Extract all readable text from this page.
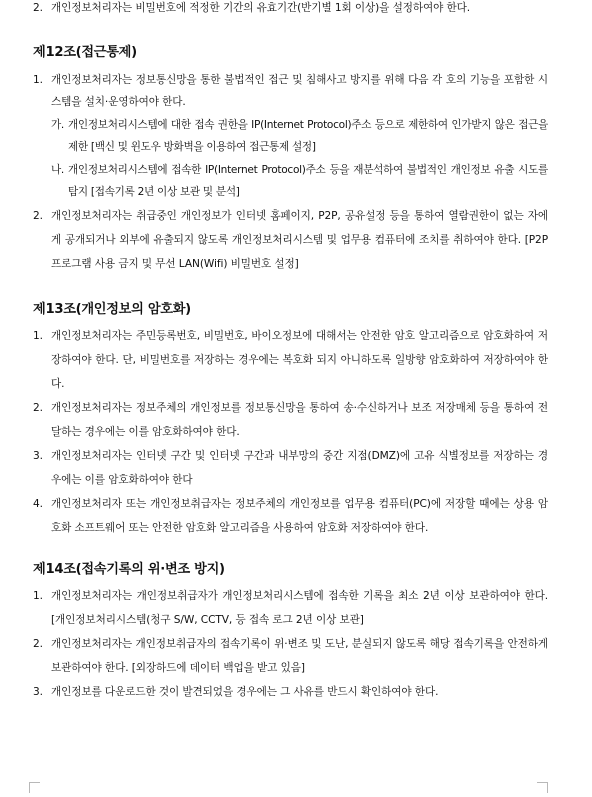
2. 개인정보처리자는 비밀번호에 적정한 기간의 유효기간(반기별 1회 이상)을 설정하여야 한다.
제12조(접근통제)
1. 개인정보처리자는 정보통신망을 통한 불법적인 접근 및 침해사고 방지를 위해 다음 각 호의 기능을 포함한 시스템을 설치·운영하여야 한다.
가. 개인정보처리시스템에 대한 접속 권한을 IP(Internet Protocol)주소 등으로 제한하여 인가받지 않은 접근을 제한 [백신 및 윈도우 방화벽을 이용하여 접근통제 설정]
나. 개인정보처리시스템에 접속한 IP(Internet Protocol)주소 등을 재분석하여 불법적인 개인정보 유출 시도를 탐지 [접속기록 2년 이상 보관 및 분석]
2. 개인정보처리자는 취급중인 개인정보가 인터넷 홈페이지, P2P, 공유설정 등을 통하여 열람권한이 없는 자에게 공개되거나 외부에 유출되지 않도록 개인정보처리시스템 및 업무용 컴퓨터에 조치를 취하여야 한다. [P2P 프로그램 사용 금지 및 무선 LAN(Wifi) 비밀번호 설정]
제13조(개인정보의 암호화)
1. 개인정보처리자는 주민등록번호, 비밀번호, 바이오정보에 대해서는 안전한 암호 알고리즘으로 암호화하여 저장하여야 한다. 단, 비밀번호를 저장하는 경우에는 복호화 되지 아니하도록 일방향 암호화하여 저장하여야 한다.
2. 개인정보처리자는 정보주체의 개인정보를 정보통신망을 통하여 송·수신하거나 보조 저장매체 등을 통하여 전달하는 경우에는 이를 암호화하여야 한다.
3. 개인정보처리자는 인터넷 구간 및 인터넷 구간과 내부망의 중간 지점(DMZ)에 고유 식별정보를 저장하는 경우에는 이를 암호화하여야 한다
4. 개인정보처리자 또는 개인정보취급자는 정보주체의 개인정보를 업무용 컴퓨터(PC)에 저장할 때에는 상용 암호화 소프트웨어 또는 안전한 암호화 알고리즘을 사용하여 암호화 저장하여야 한다.
제14조(접속기록의 위·변조 방지)
1. 개인정보처리자는 개인정보취급자가 개인정보처리시스템에 접속한 기록을 최소 2년 이상 보관하여야 한다. [개인정보처리시스템(청구 S/W, CCTV, 등 접속 로그 2년 이상 보관]
2. 개인정보처리자는 개인정보취급자의 접속기록이 위·변조 및 도난, 분실되지 않도록 해당 접속기록을 안전하게 보관하여야 한다. [외장하드에 데이터 백업을 받고 있음]
3. 개인정보를 다운로드한 것이 발견되었을 경우에는 그 사유를 반드시 확인하여야 한다.
